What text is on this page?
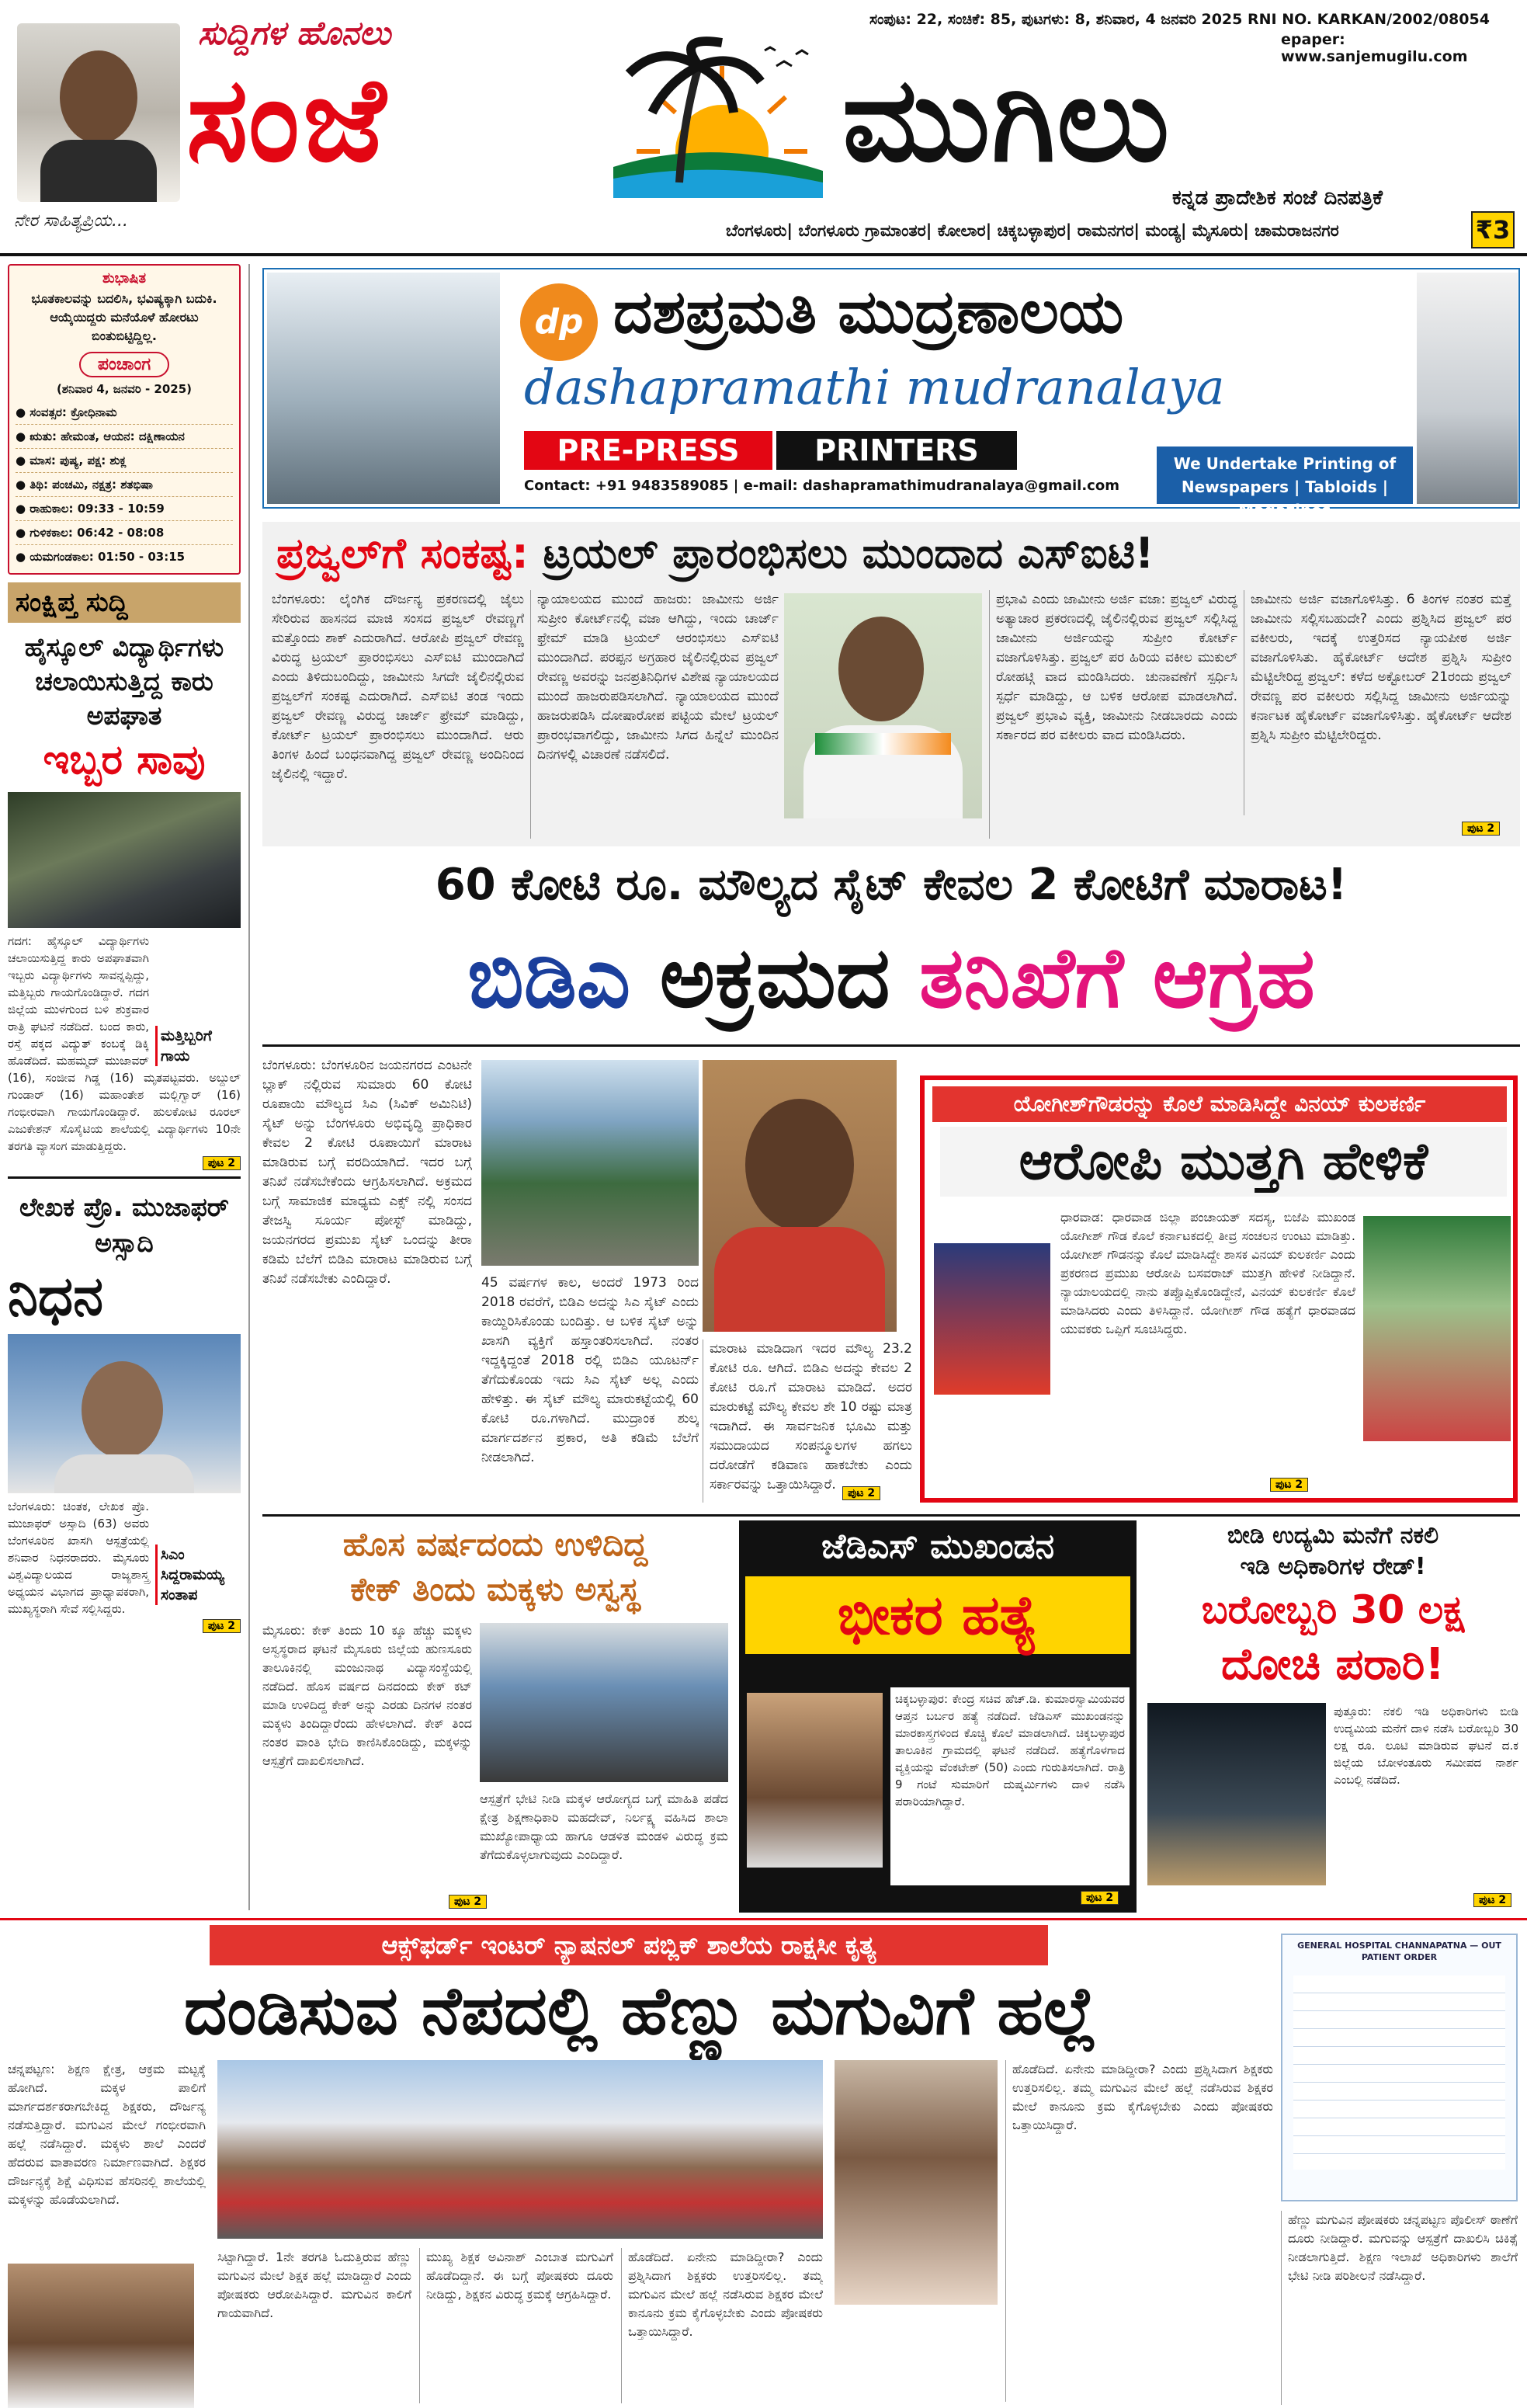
ನೇರ ಸಾಹಿತ್ಯಪ್ರಿಯ...
ಸುದ್ದಿಗಳ ಹೊನಲು
ಸಂಜೆ	ಮುಗಿಲು
ಸಂಪುಟ: 22, ಸಂಚಿಕೆ: 85, ಪುಟಗಳು: 8, ಶನಿವಾರ, 4 ಜನವರಿ 2025 RNI NO. KARKAN/2002/08054
epaper: www.sanjemugilu.com
ಕನ್ನಡ ಪ್ರಾದೇಶಿಕ ಸಂಜೆ ದಿನಪತ್ರಿಕೆ
ಬೆಂಗಳೂರು| ಬೆಂಗಳೂರು ಗ್ರಾಮಾಂತರ| ಕೋಲಾರ| ಚಿಕ್ಕಬಳ್ಳಾಪುರ| ರಾಮನಗರ| ಮಂಡ್ಯ| ಮೈಸೂರು| ಚಾಮರಾಜನಗರ	₹3
ಶುಭಾಷಿತ
ಭೂತಕಾಲವನ್ನು ಬದಲಿಸಿ, ಭವಿಷ್ಯಕ್ಕಾಗಿ ಬದುಕಿ. ಆಯ್ಕೆಯಿದ್ದರು ಮನೆಯೊಳೆ ಹೋರಟು ಬಿಂತುಬಿಟ್ಟಿದ್ದಿಲ್ಲ.
ಪಂಚಾಂಗ
(ಶನಿವಾರ 4, ಜನವರಿ - 2025)
● ಸಂವತ್ಸರ: ಕ್ರೋಧಿನಾಮ
● ಋತು: ಹೇಮಂತ, ಆಯನ: ದಕ್ಷಿಣಾಯನ
● ಮಾಸ: ಪುಷ್ಯ, ಪಕ್ಷ: ಶುಕ್ಲ
● ತಿಥಿ: ಪಂಚಮಿ, ನಕ್ಷತ್ರ: ಶತಭಿಷಾ
● ರಾಹುಕಾಲ: 09:33 - 10:59
● ಗುಳಿಕಕಾಲ: 06:42 - 08:08
● ಯಮಗಂಡಕಾಲ: 01:50 - 03:15
ಸಂಕ್ಷಿಪ್ತ ಸುದ್ದಿ
ಹೈಸ್ಕೂಲ್ ವಿದ್ಯಾರ್ಥಿಗಳು ಚಲಾಯಿಸುತ್ತಿದ್ದ ಕಾರು ಅಪಘಾತ
ಇಬ್ಬರ ಸಾವು
ಮತ್ತಿಬ್ಬರಿಗೆ ಗಾಯ
ಗದಗ: ಹೈಸ್ಕೂಲ್ ವಿದ್ಯಾರ್ಥಿಗಳು ಚಲಾಯಿಸುತ್ತಿದ್ದ ಕಾರು ಅಪಘಾತವಾಗಿ ಇಬ್ಬರು ವಿದ್ಯಾರ್ಥಿಗಳು ಸಾವನ್ನಪ್ಪಿದ್ದು, ಮತ್ತಿಬ್ಬರು ಗಾಯಗೊಂಡಿದ್ದಾರೆ. ಗದಗ ಜಿಲ್ಲೆಯ ಮುಳಗುಂದ ಬಳಿ ಶುಕ್ರವಾರ ರಾತ್ರಿ ಘಟನೆ ನಡೆದಿದೆ. ಬಂದ ಕಾರು, ರಸ್ತೆ ಪಕ್ಕದ ವಿದ್ಯುತ್ ಕಂಬಕ್ಕೆ ಡಿಕ್ಕಿ ಹೊಡೆದಿದೆ. ಮಹಮ್ಮದ್ ಮುಜಾವರ್ (16), ಸಂಜೀವ ಗಿಡ್ಡ (16) ಮೃತಪಟ್ಟವರು. ಅಬ್ದುಲ್ ಗುಂಡಾರ್ (16) ಮಹಾಂತೇಶ ಮಲ್ಲಿಗ್ವಾರ್ (16) ಗಂಭೀರವಾಗಿ ಗಾಯಗೊಂಡಿದ್ದಾರೆ. ಹುಲಕೋಟಿ ರೂರಲ್ ಎಜುಕೇಶನ್ ಸೊಸೈಟಿಯ ಶಾಲೆಯಲ್ಲಿ ವಿದ್ಯಾರ್ಥಿಗಳು 10ನೇ ತರಗತಿ ವ್ಯಾಸಂಗ ಮಾಡುತ್ತಿದ್ದರು.
ಪುಟ 2
ಲೇಖಕ ಪ್ರೊ. ಮುಜಾಫರ್ ಅಸ್ಸಾದಿ
ನಿಧನ
ಸಿಎಂ ಸಿದ್ದರಾಮಯ್ಯ ಸಂತಾಪ
ಬೆಂಗಳೂರು: ಚಿಂತಕ, ಲೇಖಕ ಪ್ರೊ. ಮುಜಾಫರ್ ಅಸ್ಸಾದಿ (63) ಅವರು ಬೆಂಗಳೂರಿನ ಖಾಸಗಿ ಆಸ್ಪತ್ರೆಯಲ್ಲಿ ಶನಿವಾರ ನಿಧನರಾದರು. ಮೈಸೂರು ವಿಶ್ವವಿದ್ಯಾಲಯದ ರಾಜ್ಯಶಾಸ್ತ್ರ ಅಧ್ಯಯನ ವಿಭಾಗದ ಪ್ರಾಧ್ಯಾಪಕರಾಗಿ, ಮುಖ್ಯಸ್ಥರಾಗಿ ಸೇವೆ ಸಲ್ಲಿಸಿದ್ದರು.
ಪುಟ 2
dp ದಶಪ್ರಮತಿ ಮುದ್ರಣಾಲಯ
dashapramathi mudranalaya
PRE-PRESS	PRINTERS
Contact: +91 9483589085 | e-mail: dashapramathimudranalaya@gmail.com
We Undertake Printing of Newspapers | Tabloids | Magazines
ಪ್ರಜ್ವಲ್‌ಗೆ ಸಂಕಷ್ಟ: ಟ್ರಯಲ್ ಪ್ರಾರಂಭಿಸಲು ಮುಂದಾದ ಎಸ್‌ಐಟಿ!
ಬೆಂಗಳೂರು: ಲೈಂಗಿಕ ದೌರ್ಜನ್ಯ ಪ್ರಕರಣದಲ್ಲಿ ಜೈಲು ಸೇರಿರುವ ಹಾಸನದ ಮಾಜಿ ಸಂಸದ ಪ್ರಜ್ವಲ್ ರೇವಣ್ಣಗೆ ಮತ್ತೊಂದು ಶಾಕ್ ಎದುರಾಗಿದೆ. ಆರೋಪಿ ಪ್ರಜ್ವಲ್ ರೇವಣ್ಣ ವಿರುದ್ಧ ಟ್ರಯಲ್ ಪ್ರಾರಂಭಿಸಲು ಎಸ್‌ಐಟಿ ಮುಂದಾಗಿದೆ ಎಂದು ತಿಳಿದುಬಂದಿದ್ದು, ಜಾಮೀನು ಸಿಗದೇ ಜೈಲಿನಲ್ಲಿರುವ ಪ್ರಜ್ವಲ್‌ಗೆ ಸಂಕಷ್ಟ ಎದುರಾಗಿದೆ. ಎಸ್‌ಐಟಿ ತಂಡ ಇಂದು ಪ್ರಜ್ವಲ್ ರೇವಣ್ಣ ವಿರುದ್ಧ ಚಾರ್ಜ್ ಫ್ರೇಮ್ ಮಾಡಿದ್ದು, ಕೋರ್ಟ್ ಟ್ರಯಲ್ ಪ್ರಾರಂಭಿಸಲು ಮುಂದಾಗಿದೆ. ಆರು ತಿಂಗಳ ಹಿಂದೆ ಬಂಧನವಾಗಿದ್ದ ಪ್ರಜ್ವಲ್ ರೇವಣ್ಣ ಅಂದಿನಿಂದ ಜೈಲಿನಲ್ಲಿ ಇದ್ದಾರೆ.
ನ್ಯಾಯಾಲಯದ ಮುಂದೆ ಹಾಜರು: ಜಾಮೀನು ಅರ್ಜಿ ಸುಪ್ರೀಂ ಕೋರ್ಟ್‌ನಲ್ಲಿ ವಜಾ ಆಗಿದ್ದು, ಇಂದು ಚಾರ್ಜ್ ಫ್ರೇಮ್ ಮಾಡಿ ಟ್ರಯಲ್ ಆರಂಭಿಸಲು ಎಸ್‌ಐಟಿ ಮುಂದಾಗಿದೆ. ಪರಪ್ಪನ ಅಗ್ರಹಾರ ಜೈಲಿನಲ್ಲಿರುವ ಪ್ರಜ್ವಲ್ ರೇವಣ್ಣ ಅವರನ್ನು ಜನಪ್ರತಿನಿಧಿಗಳ ವಿಶೇಷ ನ್ಯಾಯಾಲಯದ ಮುಂದೆ ಹಾಜರುಪಡಿಸಲಾಗಿದೆ. ನ್ಯಾಯಾಲಯದ ಮುಂದೆ ಹಾಜರುಪಡಿಸಿ ದೋಷಾರೋಪ ಪಟ್ಟಿಯ ಮೇಲೆ ಟ್ರಯಲ್ ಪ್ರಾರಂಭವಾಗಲಿದ್ದು, ಜಾಮೀನು ಸಿಗದ ಹಿನ್ನೆಲೆ ಮುಂದಿನ ದಿನಗಳಲ್ಲಿ ವಿಚಾರಣೆ ನಡೆಸಲಿದೆ.
ಪ್ರಭಾವಿ ಎಂದು ಜಾಮೀನು ಅರ್ಜಿ ವಜಾ: ಪ್ರಜ್ವಲ್ ವಿರುದ್ಧ ಅತ್ಯಾಚಾರ ಪ್ರಕರಣದಲ್ಲಿ ಜೈಲಿನಲ್ಲಿರುವ ಪ್ರಜ್ವಲ್ ಸಲ್ಲಿಸಿದ್ದ ಜಾಮೀನು ಅರ್ಜಿಯನ್ನು ಸುಪ್ರೀಂ ಕೋರ್ಟ್ ವಜಾಗೊಳಿಸಿತ್ತು. ಪ್ರಜ್ವಲ್ ಪರ ಹಿರಿಯ ವಕೀಲ ಮುಕುಲ್ ರೋಹಟ್ಗಿ ವಾದ ಮಂಡಿಸಿದರು. ಚುನಾವಣೆಗೆ ಸ್ಪರ್ಧಿಸಿ ಸ್ಪರ್ಧೆ ಮಾಡಿದ್ದು, ಆ ಬಳಿಕ ಆರೋಪ ಮಾಡಲಾಗಿದೆ. ಪ್ರಜ್ವಲ್ ಪ್ರಭಾವಿ ವ್ಯಕ್ತಿ, ಜಾಮೀನು ನೀಡಬಾರದು ಎಂದು ಸರ್ಕಾರದ ಪರ ವಕೀಲರು ವಾದ ಮಂಡಿಸಿದರು.
ಜಾಮೀನು ಅರ್ಜಿ ವಜಾಗೊಳಿಸಿತ್ತು. 6 ತಿಂಗಳ ನಂತರ ಮತ್ತೆ ಜಾಮೀನು ಸಲ್ಲಿಸಬಹುದೇ? ಎಂದು ಪ್ರಶ್ನಿಸಿದ ಪ್ರಜ್ವಲ್ ಪರ ವಕೀಲರು, ಇದಕ್ಕೆ ಉತ್ತರಿಸದ ನ್ಯಾಯಪೀಠ ಅರ್ಜಿ ವಜಾಗೊಳಿಸಿತು. ಹೈಕೋರ್ಟ್ ಆದೇಶ ಪ್ರಶ್ನಿಸಿ ಸುಪ್ರೀಂ ಮೆಟ್ಟಿಲೇರಿದ್ದ ಪ್ರಜ್ವಲ್: ಕಳೆದ ಅಕ್ಟೋಬರ್ 21ರಂದು ಪ್ರಜ್ವಲ್ ರೇವಣ್ಣ ಪರ ವಕೀಲರು ಸಲ್ಲಿಸಿದ್ದ ಜಾಮೀನು ಅರ್ಜಿಯನ್ನು ಕರ್ನಾಟಕ ಹೈಕೋರ್ಟ್ ವಜಾಗೊಳಿಸಿತ್ತು. ಹೈಕೋರ್ಟ್ ಆದೇಶ ಪ್ರಶ್ನಿಸಿ ಸುಪ್ರೀಂ ಮೆಟ್ಟಿಲೇರಿದ್ದರು.
ಪುಟ 2
60 ಕೋಟಿ ರೂ. ಮೌಲ್ಯದ ಸೈಟ್ ಕೇವಲ 2 ಕೋಟಿಗೆ ಮಾರಾಟ!
ಬಿಡಿಎ ಅಕ್ರಮದ ತನಿಖೆಗೆ ಆಗ್ರಹ
ಬೆಂಗಳೂರು: ಬೆಂಗಳೂರಿನ ಜಯನಗರದ ಎಂಟನೇ ಬ್ಲಾಕ್ ನಲ್ಲಿರುವ ಸುಮಾರು 60 ಕೋಟಿ ರೂಪಾಯಿ ಮೌಲ್ಯದ ಸಿಎ (ಸಿವಿಕ್ ಅಮಿನಿಟಿ) ಸೈಟ್ ಅನ್ನು ಬೆಂಗಳೂರು ಅಭಿವೃದ್ಧಿ ಪ್ರಾಧಿಕಾರ ಕೇವಲ 2 ಕೋಟಿ ರೂಪಾಯಿಗೆ ಮಾರಾಟ ಮಾಡಿರುವ ಬಗ್ಗೆ ವರದಿಯಾಗಿದೆ. ಇದರ ಬಗ್ಗೆ ತನಿಖೆ ನಡೆಸಬೇಕೆಂದು ಆಗ್ರಹಿಸಲಾಗಿದೆ. ಅಕ್ರಮದ ಬಗ್ಗೆ ಸಾಮಾಜಿಕ ಮಾಧ್ಯಮ ಎಕ್ಸ್ ನಲ್ಲಿ ಸಂಸದ ತೇಜಸ್ವಿ ಸೂರ್ಯ ಪೋಸ್ಟ್ ಮಾಡಿದ್ದು, ಜಯನಗರದ ಪ್ರಮುಖ ಸೈಟ್ ಒಂದನ್ನು ತೀರಾ ಕಡಿಮೆ ಬೆಲೆಗೆ ಬಿಡಿಎ ಮಾರಾಟ ಮಾಡಿರುವ ಬಗ್ಗೆ ತನಿಖೆ ನಡೆಸಬೇಕು ಎಂದಿದ್ದಾರೆ.	45 ವರ್ಷಗಳ ಕಾಲ, ಅಂದರೆ 1973 ರಿಂದ 2018 ರವರೆಗೆ, ಬಿಡಿಎ ಅದನ್ನು ಸಿಎ ಸೈಟ್ ಎಂದು ಕಾಯ್ದಿರಿಸಿಕೊಂಡು ಬಂದಿತ್ತು. ಆ ಬಳಿಕ ಸೈಟ್ ಅನ್ನು ಖಾಸಗಿ ವ್ಯಕ್ತಿಗೆ ಹಸ್ತಾಂತರಿಸಲಾಗಿದೆ. ನಂತರ ಇದ್ದಕ್ಕಿದ್ದಂತೆ 2018 ರಲ್ಲಿ ಬಿಡಿಎ ಯೂಟರ್ನ್ ತೆಗೆದುಕೊಂಡು ಇದು ಸಿಎ ಸೈಟ್ ಅಲ್ಲ ಎಂದು ಹೇಳಿತ್ತು. ಈ ಸೈಟ್ ಮೌಲ್ಯ ಮಾರುಕಟ್ಟೆಯಲ್ಲಿ 60 ಕೋಟಿ ರೂ.ಗಳಾಗಿದೆ. ಮುದ್ರಾಂಕ ಶುಲ್ಕ ಮಾರ್ಗದರ್ಶನ ಪ್ರಕಾರ, ಅತಿ ಕಡಿಮೆ ಬೆಲೆಗೆ ನೀಡಲಾಗಿದೆ.
ಮಾರಾಟ ಮಾಡಿದಾಗ ಇದರ ಮೌಲ್ಯ 23.2 ಕೋಟಿ ರೂ. ಆಗಿದೆ. ಬಿಡಿಎ ಅದನ್ನು ಕೇವಲ 2 ಕೋಟಿ ರೂ.ಗೆ ಮಾರಾಟ ಮಾಡಿದೆ. ಅದರ ಮಾರುಕಟ್ಟೆ ಮೌಲ್ಯ ಕೇವಲ ಶೇ 10 ರಷ್ಟು ಮಾತ್ರ ಇದಾಗಿದೆ. ಈ ಸಾರ್ವಜನಿಕ ಭೂಮಿ ಮತ್ತು ಸಮುದಾಯದ ಸಂಪನ್ಮೂಲಗಳ ಹಗಲು ದರೋಡೆಗೆ ಕಡಿವಾಣ ಹಾಕಬೇಕು ಎಂದು ಸರ್ಕಾರವನ್ನು ಒತ್ತಾಯಿಸಿದ್ದಾರೆ.
ಪುಟ 2
ಯೋಗೀಶ್‌ಗೌಡರನ್ನು ಕೊಲೆ ಮಾಡಿಸಿದ್ದೇ ವಿನಯ್ ಕುಲಕರ್ಣಿ
ಆರೋಪಿ ಮುತ್ತಗಿ ಹೇಳಿಕೆ
ಧಾರವಾಡ: ಧಾರವಾಡ ಜಿಲ್ಲಾ ಪಂಚಾಯತ್ ಸದಸ್ಯ, ಬಿಜೆಪಿ ಮುಖಂಡ ಯೋಗೀಶ್ ಗೌಡ ಕೊಲೆ ಕರ್ನಾಟಕದಲ್ಲಿ ತೀವ್ರ ಸಂಚಲನ ಉಂಟು ಮಾಡಿತ್ತು. ಯೋಗೀಶ್ ಗೌಡನನ್ನು ಕೊಲೆ ಮಾಡಿಸಿದ್ದೇ ಶಾಸಕ ವಿನಯ್ ಕುಲಕರ್ಣಿ ಎಂದು ಪ್ರಕರಣದ ಪ್ರಮುಖ ಆರೋಪಿ ಬಸವರಾಜ್ ಮುತ್ತಗಿ ಹೇಳಿಕೆ ನೀಡಿದ್ದಾನೆ. ನ್ಯಾಯಾಲಯದಲ್ಲಿ ನಾನು ತಪ್ಪೊಪ್ಪಿಕೊಂಡಿದ್ದೇನೆ, ವಿನಯ್ ಕುಲಕರ್ಣಿ ಕೊಲೆ ಮಾಡಿಸಿದರು ಎಂದು ತಿಳಿಸಿದ್ದಾನೆ. ಯೋಗೀಶ್ ಗೌಡ ಹತ್ಯೆಗೆ ಧಾರವಾಡದ ಯುವಕರು ಒಪ್ಪಿಗೆ ಸೂಚಿಸಿದ್ದರು.
ಪುಟ 2
ಹೊಸ ವರ್ಷದಂದು ಉಳಿದಿದ್ದ
ಕೇಕ್ ತಿಂದು ಮಕ್ಕಳು ಅಸ್ವಸ್ಥ
ಮೈಸೂರು: ಕೇಕ್ ತಿಂದು 10 ಕ್ಕೂ ಹೆಚ್ಚು ಮಕ್ಕಳು ಅಸ್ವಸ್ಥರಾದ ಘಟನೆ ಮೈಸೂರು ಜಿಲ್ಲೆಯ ಹುಣಸೂರು ತಾಲೂಕಿನಲ್ಲಿ ಮಂಜುನಾಥ ವಿದ್ಯಾಸಂಸ್ಥೆಯಲ್ಲಿ ನಡೆದಿದೆ. ಹೊಸ ವರ್ಷದ ದಿನದಂದು ಕೇಕ್ ಕಟ್ ಮಾಡಿ ಉಳಿದಿದ್ದ ಕೇಕ್ ಅನ್ನು ಎರಡು ದಿನಗಳ ನಂತರ ಮಕ್ಕಳು ತಿಂದಿದ್ದಾರೆಂದು ಹೇಳಲಾಗಿದೆ. ಕೇಕ್ ತಿಂದ ನಂತರ ವಾಂತಿ ಭೇದಿ ಕಾಣಿಸಿಕೊಂಡಿದ್ದು, ಮಕ್ಕಳನ್ನು ಆಸ್ಪತ್ರೆಗೆ ದಾಖಲಿಸಲಾಗಿದೆ.
ಆಸ್ಪತ್ರೆಗೆ ಭೇಟಿ ನೀಡಿ ಮಕ್ಕಳ ಆರೋಗ್ಯದ ಬಗ್ಗೆ ಮಾಹಿತಿ ಪಡೆದ ಕ್ಷೇತ್ರ ಶಿಕ್ಷಣಾಧಿಕಾರಿ ಮಹದೇವ್, ನಿರ್ಲಕ್ಷ್ಯ ವಹಿಸಿದ ಶಾಲಾ ಮುಖ್ಯೋಪಾಧ್ಯಾಯ ಹಾಗೂ ಆಡಳಿತ ಮಂಡಳಿ ವಿರುದ್ಧ ಕ್ರಮ ತೆಗೆದುಕೊಳ್ಳಲಾಗುವುದು ಎಂದಿದ್ದಾರೆ.
ಪುಟ 2
ಜೆಡಿಎಸ್ ಮುಖಂಡನ
ಭೀಕರ ಹತ್ಯೆ
ಚಿಕ್ಕಬಳ್ಳಾಪುರ: ಕೇಂದ್ರ ಸಚಿವ ಹೆಚ್.ಡಿ. ಕುಮಾರಸ್ವಾಮಿಯವರ ಆಪ್ತನ ಬರ್ಬರ ಹತ್ಯೆ ನಡೆದಿದೆ. ಜೆಡಿಎಸ್ ಮುಖಂಡನನ್ನು ಮಾರಕಾಸ್ತ್ರಗಳಿಂದ ಕೊಚ್ಚಿ ಕೊಲೆ ಮಾಡಲಾಗಿದೆ. ಚಿಕ್ಕಬಳ್ಳಾಪುರ ತಾಲೂಕಿನ ಗ್ರಾಮದಲ್ಲಿ ಘಟನೆ ನಡೆದಿದೆ. ಹತ್ಯೆಗೊಳಗಾದ ವ್ಯಕ್ತಿಯನ್ನು ವೆಂಕಟೇಶ್ (50) ಎಂದು ಗುರುತಿಸಲಾಗಿದೆ. ರಾತ್ರಿ 9 ಗಂಟೆ ಸುಮಾರಿಗೆ ದುಷ್ಕರ್ಮಿಗಳು ದಾಳಿ ನಡೆಸಿ ಪರಾರಿಯಾಗಿದ್ದಾರೆ.
ಪುಟ 2
ಬೀಡಿ ಉದ್ಯಮಿ ಮನೆಗೆ ನಕಲಿ
ಇಡಿ ಅಧಿಕಾರಿಗಳ ರೇಡ್!
ಬರೋಬ್ಬರಿ 30 ಲಕ್ಷ
ದೋಚಿ ಪರಾರಿ!
ಪುತ್ತೂರು: ನಕಲಿ ಇಡಿ ಅಧಿಕಾರಿಗಳು ಬೀಡಿ ಉದ್ಯಮಿಯ ಮನೆಗೆ ದಾಳಿ ನಡೆಸಿ ಬರೋಬ್ಬರಿ 30 ಲಕ್ಷ ರೂ. ಲೂಟಿ ಮಾಡಿರುವ ಘಟನೆ ದ.ಕ ಜಿಲ್ಲೆಯ ಬೋಳಂತೂರು ಸಮೀಪದ ನಾರ್ಶ ಎಂಬಲ್ಲಿ ನಡೆದಿದೆ.
ಪುಟ 2
ಆಕ್ಸ್‌ಫರ್ಡ್ ಇಂಟರ್ ನ್ಯಾಷನಲ್ ಪಬ್ಲಿಕ್ ಶಾಲೆಯ ರಾಕ್ಷಸೀ ಕೃತ್ಯ
ದಂಡಿಸುವ ನೆಪದಲ್ಲಿ ಹೆಣ್ಣು ಮಗುವಿಗೆ ಹಲ್ಲೆ
GENERAL HOSPITAL CHANNAPATNA — OUT PATIENT ORDER
ಚನ್ನಪಟ್ಟಣ: ಶಿಕ್ಷಣ ಕ್ಷೇತ್ರ, ಆಕ್ರಮ ಮಟ್ಟಕ್ಕೆ ಹೋಗಿದೆ. ಮಕ್ಕಳ ಪಾಲಿಗೆ ಮಾರ್ಗದರ್ಶಕರಾಗಬೇಕಿದ್ದ ಶಿಕ್ಷಕರು, ದೌರ್ಜನ್ಯ ನಡೆಸುತ್ತಿದ್ದಾರೆ. ಮಗುವಿನ ಮೇಲೆ ಗಂಭೀರವಾಗಿ ಹಲ್ಲೆ ನಡೆಸಿದ್ದಾರೆ. ಮಕ್ಕಳು ಶಾಲೆ ಎಂದರೆ ಹೆದರುವ ವಾತಾವರಣ ನಿರ್ಮಾಣವಾಗಿದೆ. ಶಿಕ್ಷಕರ ದೌರ್ಜನ್ಯಕ್ಕೆ ಶಿಕ್ಷೆ ವಿಧಿಸುವ ಹೆಸರಿನಲ್ಲಿ ಶಾಲೆಯಲ್ಲಿ ಮಕ್ಕಳನ್ನು ಹೊಡೆಯಲಾಗಿದೆ.
ಸಿಟ್ಟಾಗಿದ್ದಾರೆ. 1ನೇ ತರಗತಿ ಓದುತ್ತಿರುವ ಹೆಣ್ಣು ಮಗುವಿನ ಮೇಲೆ ಶಿಕ್ಷಕ ಹಲ್ಲೆ ಮಾಡಿದ್ದಾರೆ ಎಂದು ಪೋಷಕರು ಆರೋಪಿಸಿದ್ದಾರೆ. ಮಗುವಿನ ಕಾಲಿಗೆ ಗಾಯವಾಗಿದೆ.
ಮುಖ್ಯ ಶಿಕ್ಷಕ ಅವಿನಾಶ್ ಎಂಬಾತ ಮಗುವಿಗೆ ಹೊಡೆದಿದ್ದಾನೆ. ಈ ಬಗ್ಗೆ ಪೋಷಕರು ದೂರು ನೀಡಿದ್ದು, ಶಿಕ್ಷಕನ ವಿರುದ್ಧ ಕ್ರಮಕ್ಕೆ ಆಗ್ರಹಿಸಿದ್ದಾರೆ.
ಹೊಡೆದಿದೆ. ಏನೇನು ಮಾಡಿದ್ದೀರಾ? ಎಂದು ಪ್ರಶ್ನಿಸಿದಾಗ ಶಿಕ್ಷಕರು ಉತ್ತರಿಸಲಿಲ್ಲ. ತಮ್ಮ ಮಗುವಿನ ಮೇಲೆ ಹಲ್ಲೆ ನಡೆಸಿರುವ ಶಿಕ್ಷಕರ ಮೇಲೆ ಕಾನೂನು ಕ್ರಮ ಕೈಗೊಳ್ಳಬೇಕು ಎಂದು ಪೋಷಕರು ಒತ್ತಾಯಿಸಿದ್ದಾರೆ.
ಹೊಡೆದಿದೆ. ಏನೇನು ಮಾಡಿದ್ದೀರಾ? ಎಂದು ಪ್ರಶ್ನಿಸಿದಾಗ ಶಿಕ್ಷಕರು ಉತ್ತರಿಸಲಿಲ್ಲ. ತಮ್ಮ ಮಗುವಿನ ಮೇಲೆ ಹಲ್ಲೆ ನಡೆಸಿರುವ ಶಿಕ್ಷಕರ ಮೇಲೆ ಕಾನೂನು ಕ್ರಮ ಕೈಗೊಳ್ಳಬೇಕು ಎಂದು ಪೋಷಕರು ಒತ್ತಾಯಿಸಿದ್ದಾರೆ.
ಹೆಣ್ಣು ಮಗುವಿನ ಪೋಷಕರು ಚನ್ನಪಟ್ಟಣ ಪೊಲೀಸ್ ಠಾಣೆಗೆ ದೂರು ನೀಡಿದ್ದಾರೆ. ಮಗುವನ್ನು ಆಸ್ಪತ್ರೆಗೆ ದಾಖಲಿಸಿ ಚಿಕಿತ್ಸೆ ನೀಡಲಾಗುತ್ತಿದೆ. ಶಿಕ್ಷಣ ಇಲಾಖೆ ಅಧಿಕಾರಿಗಳು ಶಾಲೆಗೆ ಭೇಟಿ ನೀಡಿ ಪರಿಶೀಲನೆ ನಡೆಸಿದ್ದಾರೆ.
